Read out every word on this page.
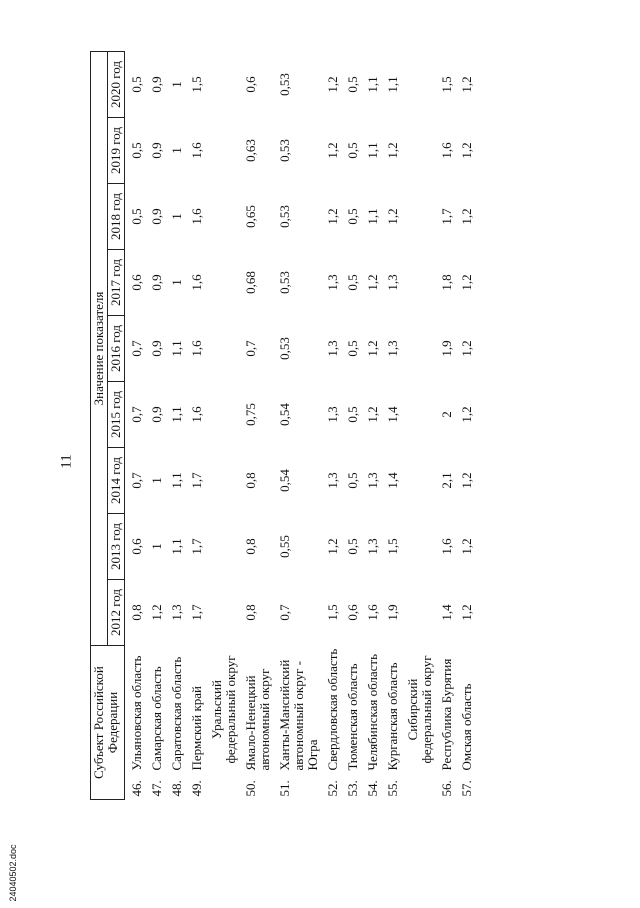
11
24040502.doc
Субъект Российской Федерации		Значение показателя								
		2012 год	2013 год	2014 год	2015 год	2016 год	2017 год	2018 год	2019 год	2020 год
46.	Ульяновская область	0,8	0,6	0,7	0,7	0,7	0,6	0,5	0,5	0,5
47.	Самарская область	1,2	1	1	0,9	0,9	0,9	0,9	0,9	0,9
48.	Саратовская область	1,3	1,1	1,1	1,1	1,1	1	1	1	1
49.	Пермский край	1,7	1,7	1,7	1,6	1,6	1,6	1,6	1,6	1,5
	Уральский федеральный округ									
50.	Ямало-Ненецкий автономный округ	0,8	0,8	0,8	0,75	0,7	0,68	0,65	0,63	0,6
51.	Ханты-Мансийский автономный округ - Югра	0,7	0,55	0,54	0,54	0,53	0,53	0,53	0,53	0,53
52.	Свердловская область	1,5	1,2	1,3	1,3	1,3	1,3	1,2	1,2	1,2
53.	Тюменская область	0,6	0,5	0,5	0,5	0,5	0,5	0,5	0,5	0,5
54.	Челябинская область	1,6	1,3	1,3	1,2	1,2	1,2	1,1	1,1	1,1
55.	Курганская область	1,9	1,5	1,4	1,4	1,3	1,3	1,2	1,2	1,1
	Сибирский федеральный округ									
56.	Республика Бурятия	1,4	1,6	2,1	2	1,9	1,8	1,7	1,6	1,5
57.	Омская область	1,2	1,2	1,2	1,2	1,2	1,2	1,2	1,2	1,2
